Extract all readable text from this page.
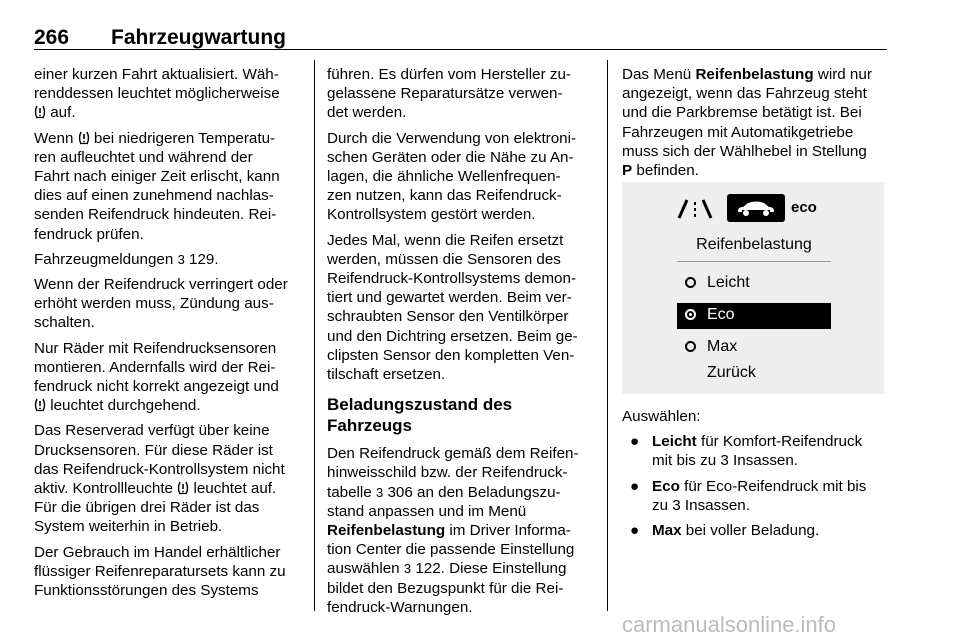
266 Fahrzeugwartung

einer kurzen Fahrt aktualisiert. Wäh-
renddessen leuchtet möglicherweise
auf.

Wenn bei niedrigeren Temperatu-
ren aufleuchtet und während der
Fahrt nach einiger Zeit erlischt, kann
dies auf einen zunehmend nachlas-
senden Reifendruck hindeuten. Rei-
fendruck prüfen.

Fahrzeugmeldungen 3 129.

Wenn der Reifendruck verringert oder
erhöht werden muss, Zündung aus-
schalten.

Nur Räder mit Reifendrucksensoren
montieren. Andernfalls wird der Rei-
fendruck nicht korrekt angezeigt und
leuchtet durchgehend.

Das Reserverad verfügt über keine
Drucksensoren. Für diese Räder ist
das Reifendruck-Kontrollsystem nicht
aktiv. Kontrollleuchte leuchtet auf.
Für die übrigen drei Räder ist das
System weiterhin in Betrieb.

Der Gebrauch im Handel erhältlicher
flüssiger Reifenreparatursets kann zu
Funktionsstörungen des Systems

führen. Es dürfen vom Hersteller zu-
gelassene Reparatursätze verwen-
det werden.

Durch die Verwendung von elektroni-
schen Geräten oder die Nähe zu An-
lagen, die ähnliche Wellenfrequen-
zen nutzen, kann das Reifendruck-
Kontrollsystem gestört werden.

Jedes Mal, wenn die Reifen ersetzt
werden, müssen die Sensoren des
Reifendruck-Kontrollsystems demon-
tiert und gewartet werden. Beim ver-
schraubten Sensor den Ventilkörper
und den Dichtring ersetzen. Beim ge-
clipsten Sensor den kompletten Ven-
tilschaft ersetzen.

Beladungszustand des
Fahrzeugs

Den Reifendruck gemäß dem Reifen-
hinweisschild bzw. der Reifendruck-
tabelle 3 306 an den Beladungszu-
stand anpassen und im Menü
Reifenbelastung im Driver Informa-
tion Center die passende Einstellung
auswählen 3 122. Diese Einstellung
bildet den Bezugspunkt für die Rei-
fendruck-Warnungen.

Das Menü Reifenbelastung wird nur
angezeigt, wenn das Fahrzeug steht
und die Parkbremse betätigt ist. Bei
Fahrzeugen mit Automatikgetriebe
muss sich der Wählhebel in Stellung
P befinden.

eco
Reifenbelastung
Leicht
Eco
Max
Zurück

Auswählen:

● Leicht für Komfort-Reifendruck
mit bis zu 3 Insassen.
● Eco für Eco-Reifendruck mit bis
zu 3 Insassen.
● Max bei voller Beladung.
carmanualsonline.info
